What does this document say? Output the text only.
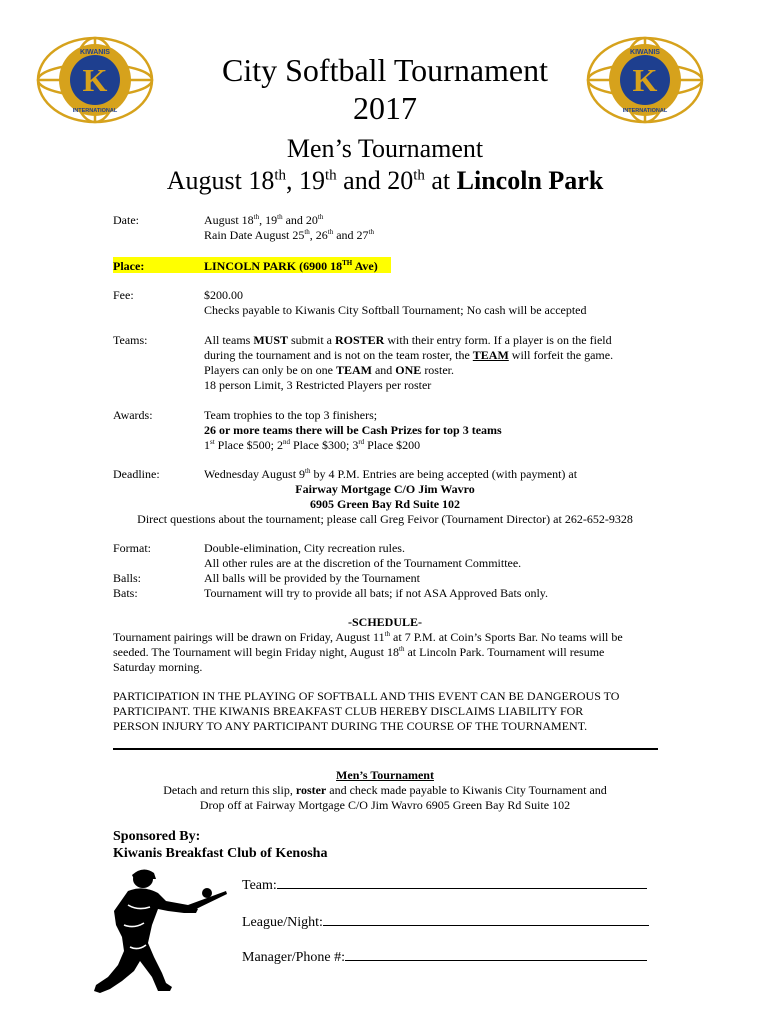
K
KIWANIS
INTERNATIONAL
K
KIWANIS
INTERNATIONAL
City Softball Tournament
2017
Men’s Tournament
August 18th, 19th and 20th at Lincoln Park
Date:	August 18th, 19th and 20th
Rain Date August 25th, 26th and 27th
Place:	LINCOLN PARK (6900 18TH Ave)
Fee:	$200.00
Checks payable to Kiwanis City Softball Tournament; No cash will be accepted
Teams:	All teams MUST submit a ROSTER with their entry form. If a player is on the field
during the tournament and is not on the team roster, the TEAM will forfeit the game.
Players can only be on one TEAM and ONE roster.
18 person Limit, 3 Restricted Players per roster
Awards:	Team trophies to the top 3 finishers;
26 or more teams there will be Cash Prizes for top 3 teams
1st Place $500; 2nd Place $300; 3rd Place $200
Deadline:	Wednesday August 9th by 4 P.M. Entries are being accepted (with payment) at
Fairway Mortgage C/O Jim Wavro
6905 Green Bay Rd Suite 102
Direct questions about the tournament; please call Greg Feivor (Tournament Director) at 262-652-9328
Format:	Double-elimination, City recreation rules.
All other rules are at the discretion of the Tournament Committee.
Balls:	All balls will be provided by the Tournament
Bats:	Tournament will try to provide all bats; if not ASA Approved Bats only.
-SCHEDULE-
Tournament pairings will be drawn on Friday, August 11th at 7 P.M. at Coin’s Sports Bar. No teams will be
seeded. The Tournament will begin Friday night, August 18th at Lincoln Park. Tournament will resume
Saturday morning.
PARTICIPATION IN THE PLAYING OF SOFTBALL AND THIS EVENT CAN BE DANGEROUS TO
PARTICIPANT. THE KIWANIS BREAKFAST CLUB HEREBY DISCLAIMS LIABILITY FOR
PERSON INJURY TO ANY PARTICIPANT DURING THE COURSE OF THE TOURNAMENT.
Men’s Tournament
Detach and return this slip, roster and check made payable to Kiwanis City Tournament and
Drop off at Fairway Mortgage C/O Jim Wavro 6905 Green Bay Rd Suite 102
Sponsored By:
Kiwanis Breakfast Club of Kenosha
Team:
League/Night:
Manager/Phone #:
